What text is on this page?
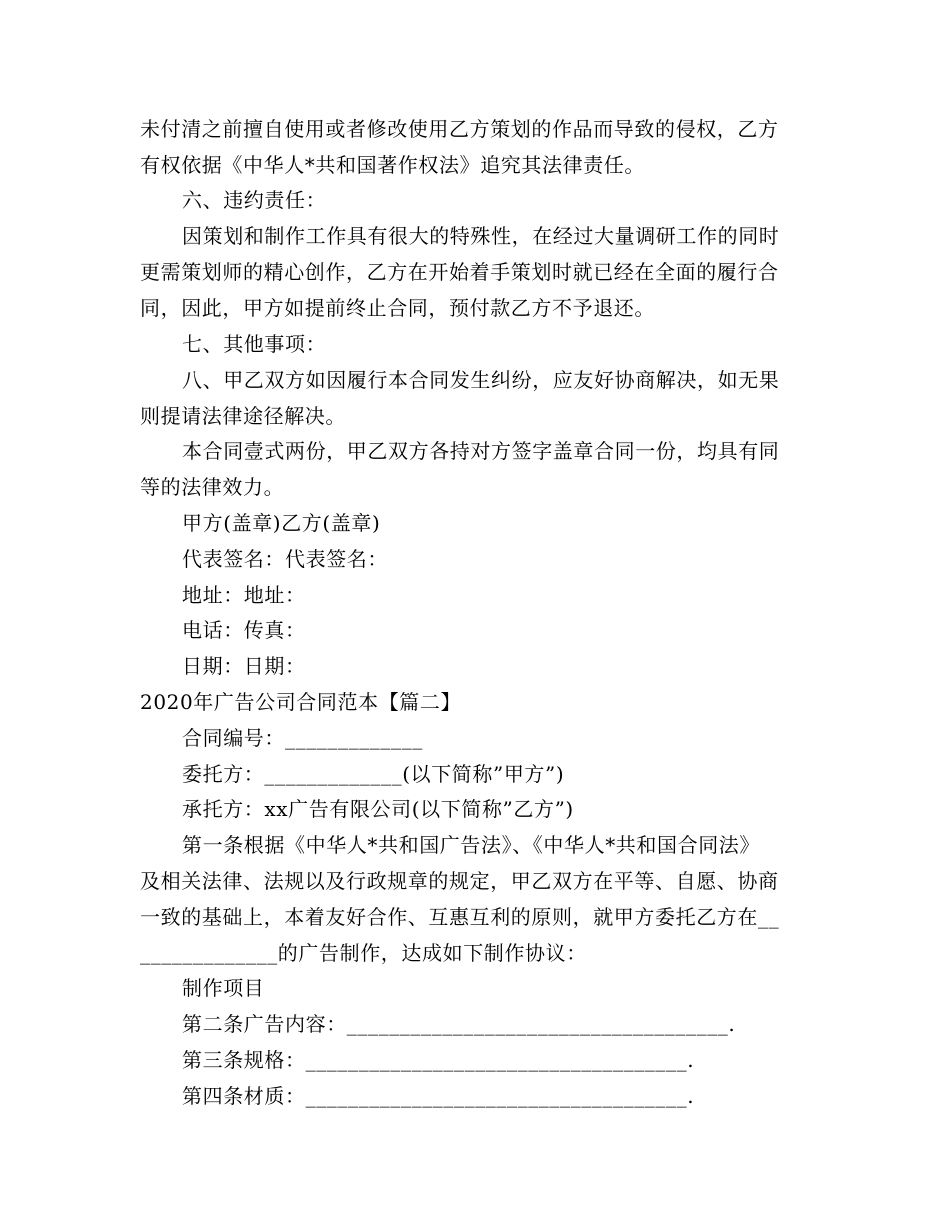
未付清之前擅自使用或者修改使用乙方策划的作品而导致的侵权，乙方
有权依据《中华人*共和国著作权法》追究其法律责任。
六、违约责任：
因策划和制作工作具有很大的特殊性，在经过大量调研工作的同时
更需策划师的精心创作，乙方在开始着手策划时就已经在全面的履行合
同，因此，甲方如提前终止合同，预付款乙方不予退还。
七、其他事项：
八、甲乙双方如因履行本合同发生纠纷，应友好协商解决，如无果
则提请法律途径解决。
本合同壹式两份，甲乙双方各持对方签字盖章合同一份，均具有同
等的法律效力。
甲方(盖章)乙方(盖章)
代表签名：代表签名：
地址：地址：
电话：传真：
日期：日期：
2020年广告公司合同范本【篇二】
合同编号：_____________
委托方：_____________(以下简称”甲方”)
承托方：xx广告有限公司(以下简称”乙方”)
第一条根据《中华人*共和国广告法》、《中华人*共和国合同法》
及相关法律、法规以及行政规章的规定，甲乙双方在平等、自愿、协商
一致的基础上，本着友好合作、互惠互利的原则，就甲方委托乙方在__
_____________的广告制作，达成如下制作协议：
制作项目
第二条广告内容：____________________________________.
第三条规格：____________________________________.
第四条材质：____________________________________.
